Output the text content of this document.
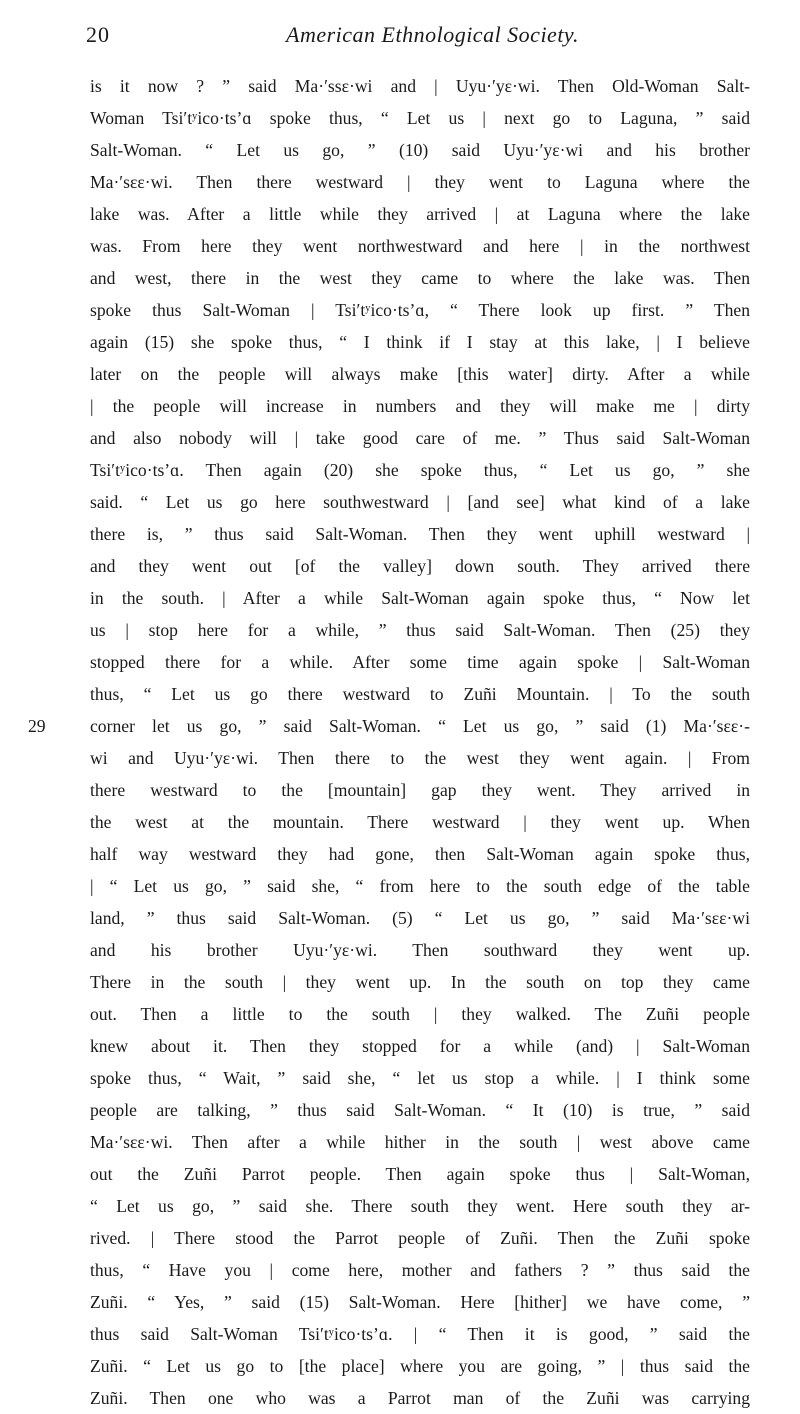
20	American Ethnological Society.
is it now ? ” said Ma·′ssɛ·wi and | Uyu·′yɛ·wi. Then Old-Woman Salt-
Woman Tsi′tʸico·ts’ɑ spoke thus, “ Let us | next go to Laguna, ” said
Salt-Woman. “ Let us go, ” (10) said Uyu·′yɛ·wi and his brother
Ma·′sɛɛ·wi. Then there westward | they went to Laguna where the
lake was. After a little while they arrived | at Laguna where the lake
was. From here they went northwestward and here | in the northwest
and west, there in the west they came to where the lake was. Then
spoke thus Salt-Woman | Tsi′tʸico·ts’ɑ, “ There look up first. ” Then
again (15) she spoke thus, “ I think if I stay at this lake, | I believe
later on the people will always make [this water] dirty. After a while
| the people will increase in numbers and they will make me | dirty
and also nobody will | take good care of me. ” Thus said Salt-Woman
Tsi′tʸico·ts’ɑ. Then again (20) she spoke thus, “ Let us go, ” she
said. “ Let us go here southwestward | [and see] what kind of a lake
there is, ” thus said Salt-Woman. Then they went uphill westward |
and they went out [of the valley] down south. They arrived there
in the south. | After a while Salt-Woman again spoke thus, “ Now let
us | stop here for a while, ” thus said Salt-Woman. Then (25) they
stopped there for a while. After some time again spoke | Salt-Woman
thus, “ Let us go there westward to Zuñi Mountain. | To the south
29	corner let us go, ” said Salt-Woman. “ Let us go, ” said (1) Ma·′sɛɛ·-
wi and Uyu·′yɛ·wi. Then there to the west they went again. | From
there westward to the [mountain] gap they went. They arrived in
the west at the mountain. There westward | they went up. When
half way westward they had gone, then Salt-Woman again spoke thus,
| “ Let us go, ” said she, “ from here to the south edge of the table
land, ” thus said Salt-Woman. (5) “ Let us go, ” said Ma·′sɛɛ·wi
and his brother Uyu·′yɛ·wi. Then southward they went up.
There in the south | they went up. In the south on top they came
out. Then a little to the south | they walked. The Zuñi people
knew about it. Then they stopped for a while (and) | Salt-Woman
spoke thus, “ Wait, ” said she, “ let us stop a while. | I think some
people are talking, ” thus said Salt-Woman. “ It (10) is true, ” said
Ma·′sɛɛ·wi. Then after a while hither in the south | west above came
out the Zuñi Parrot people. Then again spoke thus | Salt-Woman,
“ Let us go, ” said she. There south they went. Here south they ar-
rived. | There stood the Parrot people of Zuñi. Then the Zuñi spoke
thus, “ Have you | come here, mother and fathers ? ” thus said the
Zuñi. “ Yes, ” said (15) Salt-Woman. Here [hither] we have come, ”
thus said Salt-Woman Tsi′tʸico·ts’ɑ. | “ Then it is good, ” said the
Zuñi. “ Let us go to [the place] where you are going, ” | thus said the
Zuñi. Then one who was a Parrot man of the Zuñi was carrying
